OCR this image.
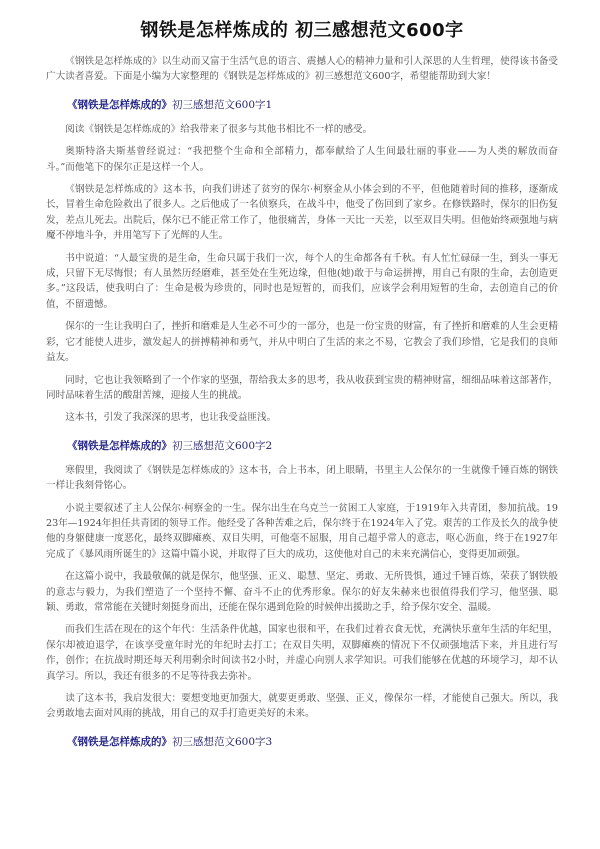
钢铁是怎样炼成的 初三感想范文600字

《钢铁是怎样炼成的》以生动而又富于生活气息的语言、震撼人心的精神力量和引人深思的人生哲理，使得该书备受广大读者喜爱。下面是小编为大家整理的《钢铁是怎样炼成的》初三感想范文600字，希望能帮助到大家！

《钢铁是怎样炼成的》初三感想范文600字1

阅读《钢铁是怎样炼成的》给我带来了很多与其他书相比不一样的感受。

奥斯特洛夫斯基曾经说过：“我把整个生命和全部精力，都奉献给了人生间最壮丽的事业——为人类的解放而奋斗。”而他笔下的保尔正是这样一个人。

《钢铁是怎样炼成的》这本书，向我们讲述了贫穷的保尔·柯察金从小体会到的不平，但他随着时间的推移，逐渐成长，冒着生命危险救出了很多人。之后他成了一名侦察兵，在战斗中，他受了伤回到了家乡。在修铁路时，保尔的旧伤复发，差点儿死去。出院后，保尔已不能正常工作了，他很痛苦，身体一天比一天差，以至双目失明。但他始终顽强地与病魔不停地斗争，并用笔写下了光辉的人生。

书中说道：“人最宝贵的是生命，生命只属于我们一次，每个人的生命都各有千秋。有人忙忙碌碌一生，到头一事无成，只留下无尽悔恨；有人虽然历经磨难，甚至处在生死边缘，但他(她)敢于与命运拼搏，用自己有限的生命，去创造更多。”这段话，使我明白了：生命是极为珍贵的，同时也是短暂的，而我们，应该学会利用短暂的生命，去创造自己的价值，不留遗憾。

保尔的一生让我明白了，挫折和磨难是人生必不可少的一部分，也是一份宝贵的财富，有了挫折和磨难的人生会更精彩，它才能使人进步，激发起人的拼搏精神和勇气，并从中明白了生活的来之不易，它教会了我们珍惜，它是我们的良师益友。

同时，它也让我领略到了一个作家的坚强，帮给我太多的思考，我从收获到宝贵的精神财富，细细品味着这部著作，同时品味着生活的酸甜苦辣，迎接人生的挑战。

这本书，引发了我深深的思考，也让我受益匪浅。

《钢铁是怎样炼成的》初三感想范文600字2

寒假里，我阅读了《钢铁是怎样炼成的》这本书，合上书本，闭上眼睛，书里主人公保尔的一生就像千锤百炼的钢铁一样让我刻骨铭心。

小说主要叙述了主人公保尔·柯察金的一生。保尔出生在乌克兰一贫困工人家庭，于1919年入共青团，参加抗战。1923年—1924年担任共青团的领导工作。他经受了各种苦难之后，保尔终于在1924年入了党。艰苦的工作及长久的战争使他的身躯健康一度恶化，最终双脚瘫痪、双目失明，可他毫不屈服，用自己超乎常人的意志，呕心沥血，终于在1927年完成了《暴风雨所诞生的》这篇中篇小说，并取得了巨大的成功，这使他对自己的未来充满信心，变得更加顽强。

在这篇小说中，我最敬佩的就是保尔，他坚强、正义、聪慧、坚定、勇敢、无所畏惧，通过千锤百炼，荣获了钢铁般的意志与毅力，为我们塑造了一个坚持不懈、奋斗不止的优秀形象。保尔的好友朱赫来也很值得我们学习，他坚强、聪颖、勇敢，常常能在关键时刻挺身而出，还能在保尔遇到危险的时候伸出援助之手，给予保尔安全、温暖。

而我们生活在现在的这个年代：生活条件优越，国家也很和平，在我们过着衣食无忧，充满快乐童年生活的年纪里，保尔却被迫退学，在该享受童年时光的年纪时去打工；在双目失明，双脚瘫痪的情况下不仅顽强地活下来，并且进行写作，创作；在抗战时期还每天利用剩余时间读书2小时，并虚心向别人求学知识。可我们能够在优越的环境学习，却不认真学习。所以，我还有很多的不足等待我去弥补。

读了这本书，我启发很大：要想变地更加强大，就要更勇敢、坚强、正义，像保尔一样，才能使自己强大。所以，我会勇敢地去面对风雨的挑战，用自己的双手打造更美好的未来。

《钢铁是怎样炼成的》初三感想范文600字3
